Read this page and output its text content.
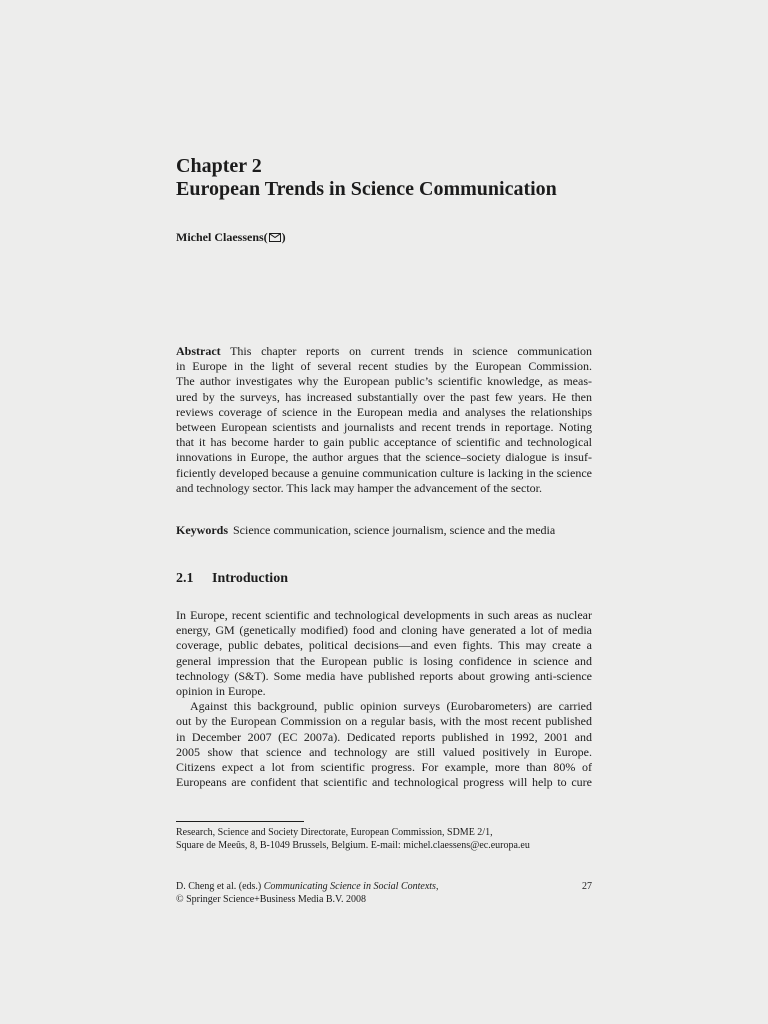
Chapter 2
European Trends in Science Communication
Michel Claessens ( )
Abstract This chapter reports on current trends in science communication
in Europe in the light of several recent studies by the European Commission.
The author investigates why the European public’s scientific knowledge, as meas-
ured by the surveys, has increased substantially over the past few years. He then
reviews coverage of science in the European media and analyses the relationships
between European scientists and journalists and recent trends in reportage. Noting
that it has become harder to gain public acceptance of scientific and technological
innovations in Europe, the author argues that the science–society dialogue is insuf-
ficiently developed because a genuine communication culture is lacking in the science
and technology sector. This lack may hamper the advancement of the sector.
Keywords Science communication, science journalism, science and the media
2.1 Introduction
In Europe, recent scientific and technological developments in such areas as nuclear
energy, GM (genetically modified) food and cloning have generated a lot of media
coverage, public debates, political decisions—and even fights. This may create a
general impression that the European public is losing confidence in science and
technology (S&T). Some media have published reports about growing anti-science
opinion in Europe.
Against this background, public opinion surveys (Eurobarometers) are carried
out by the European Commission on a regular basis, with the most recent published
in December 2007 (EC 2007a). Dedicated reports published in 1992, 2001 and
2005 show that science and technology are still valued positively in Europe.
Citizens expect a lot from scientific progress. For example, more than 80% of
Europeans are confident that scientific and technological progress will help to cure
Research, Science and Society Directorate, European Commission, SDME 2/1,
Square de Meeûs, 8, B-1049 Brussels, Belgium. E-mail: michel.claessens@ec.europa.eu
D. Cheng et al. (eds.) Communicating Science in Social Contexts,
© Springer Science+Business Media B.V. 2008
27
